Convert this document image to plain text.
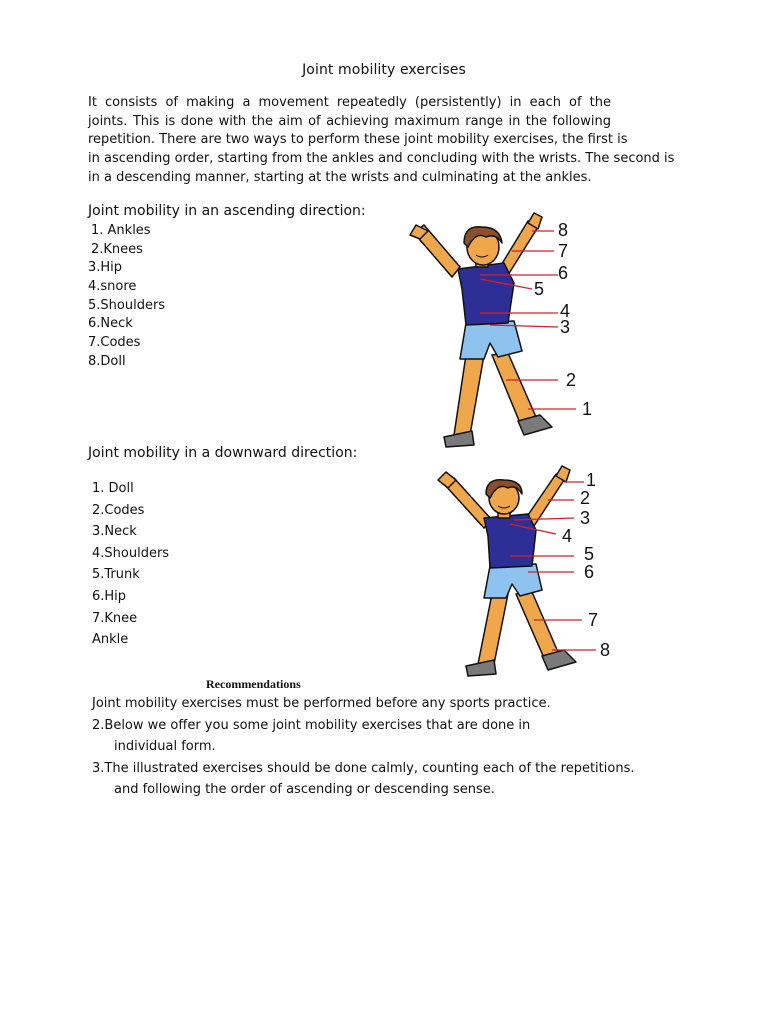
Joint mobility exercises
It consists of making a movement repeatedly (persistently) in each of the
joints. This is done with the aim of achieving maximum range in the following
repetition. There are two ways to perform these joint mobility exercises, the first is
in ascending order, starting from the ankles and concluding with the wrists. The second is
in a descending manner, starting at the wrists and culminating at the ankles.
Joint mobility in an ascending direction:
1. Ankles
2.Knees
3.Hip
4.snore
5.Shoulders
6.Neck
7.Codes
8.Doll
8
7
6
5
4
3
2
1
Joint mobility in a downward direction:
1. Doll
2.Codes
3.Neck
4.Shoulders
5.Trunk
6.Hip
7.Knee
Ankle
1
2
3
4
5
6
7
8
Recommendations
Joint mobility exercises must be performed before any sports practice.
2.Below we offer you some joint mobility exercises that are done in
individual form.
3.The illustrated exercises should be done calmly, counting each of the repetitions.
and following the order of ascending or descending sense.
